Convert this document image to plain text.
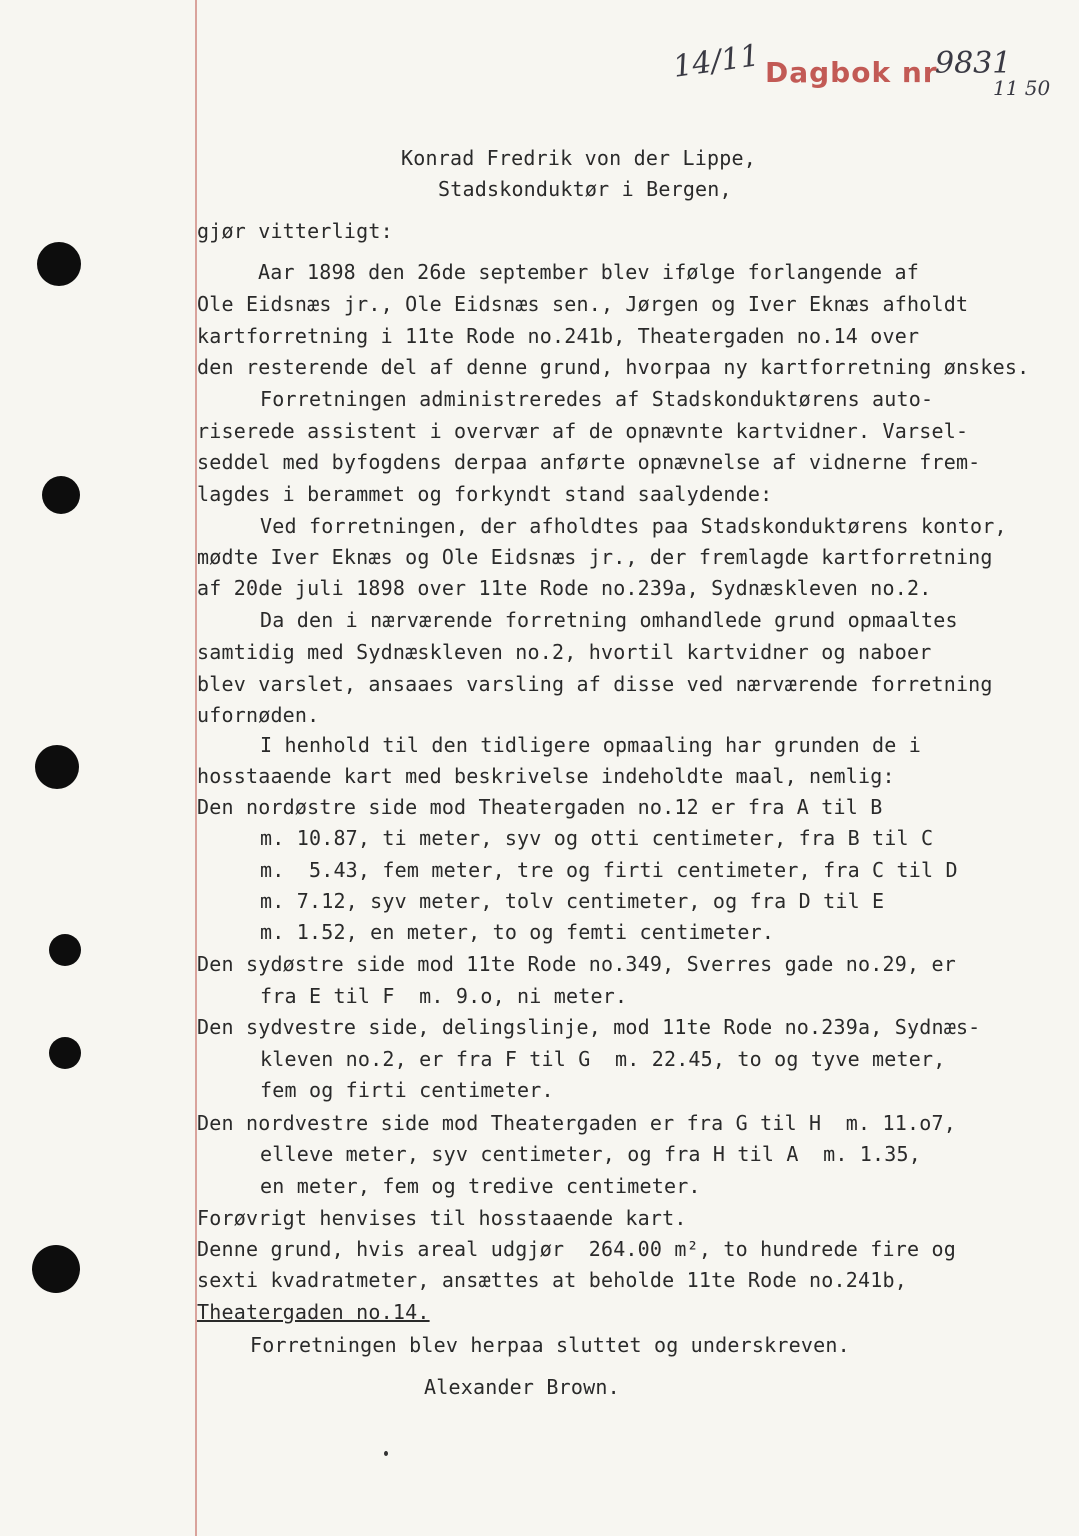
14/11 Dagbok nr
9831
11 50
Konrad Fredrik von der Lippe,
Stadskonduktør i Bergen,
gjør vitterligt:
Aar 1898 den 26de september blev ifølge forlangende af
Ole Eidsnæs jr., Ole Eidsnæs sen., Jørgen og Iver Eknæs afholdt
kartforretning i 11te Rode no.241b, Theatergaden no.14 over
den resterende del af denne grund, hvorpaa ny kartforretning ønskes.
Forretningen administreredes af Stadskonduktørens auto-
riserede assistent i overvær af de opnævnte kartvidner. Varsel-
seddel med byfogdens derpaa anførte opnævnelse af vidnerne frem-
lagdes i berammet og forkyndt stand saalydende:
Ved forretningen, der afholdtes paa Stadskonduktørens kontor,
mødte Iver Eknæs og Ole Eidsnæs jr., der fremlagde kartforretning
af 20de juli 1898 over 11te Rode no.239a, Sydnæskleven no.2.
Da den i nærværende forretning omhandlede grund opmaaltes
samtidig med Sydnæskleven no.2, hvortil kartvidner og naboer
blev varslet, ansaaes varsling af disse ved nærværende forretning
ufornøden.
I henhold til den tidligere opmaaling har grunden de i
hosstaaende kart med beskrivelse indeholdte maal, nemlig:
Den nordøstre side mod Theatergaden no.12 er fra A til B
m. 10.87, ti meter, syv og otti centimeter, fra B til C
m.  5.43, fem meter, tre og firti centimeter, fra C til D
m. 7.12, syv meter, tolv centimeter, og fra D til E
m. 1.52, en meter, to og femti centimeter.
Den sydøstre side mod 11te Rode no.349, Sverres gade no.29, er
fra E til F  m. 9.o, ni meter.
Den sydvestre side, delingslinje, mod 11te Rode no.239a, Sydnæs-
kleven no.2, er fra F til G  m. 22.45, to og tyve meter,
fem og firti centimeter.
Den nordvestre side mod Theatergaden er fra G til H  m. 11.o7,
elleve meter, syv centimeter, og fra H til A  m. 1.35,
en meter, fem og tredive centimeter.
Forøvrigt henvises til hosstaaende kart.
Denne grund, hvis areal udgjør  264.00 m², to hundrede fire og
sexti kvadratmeter, ansættes at beholde 11te Rode no.241b,
Theatergaden no.14.
Forretningen blev herpaa sluttet og underskreven.
Alexander Brown.
